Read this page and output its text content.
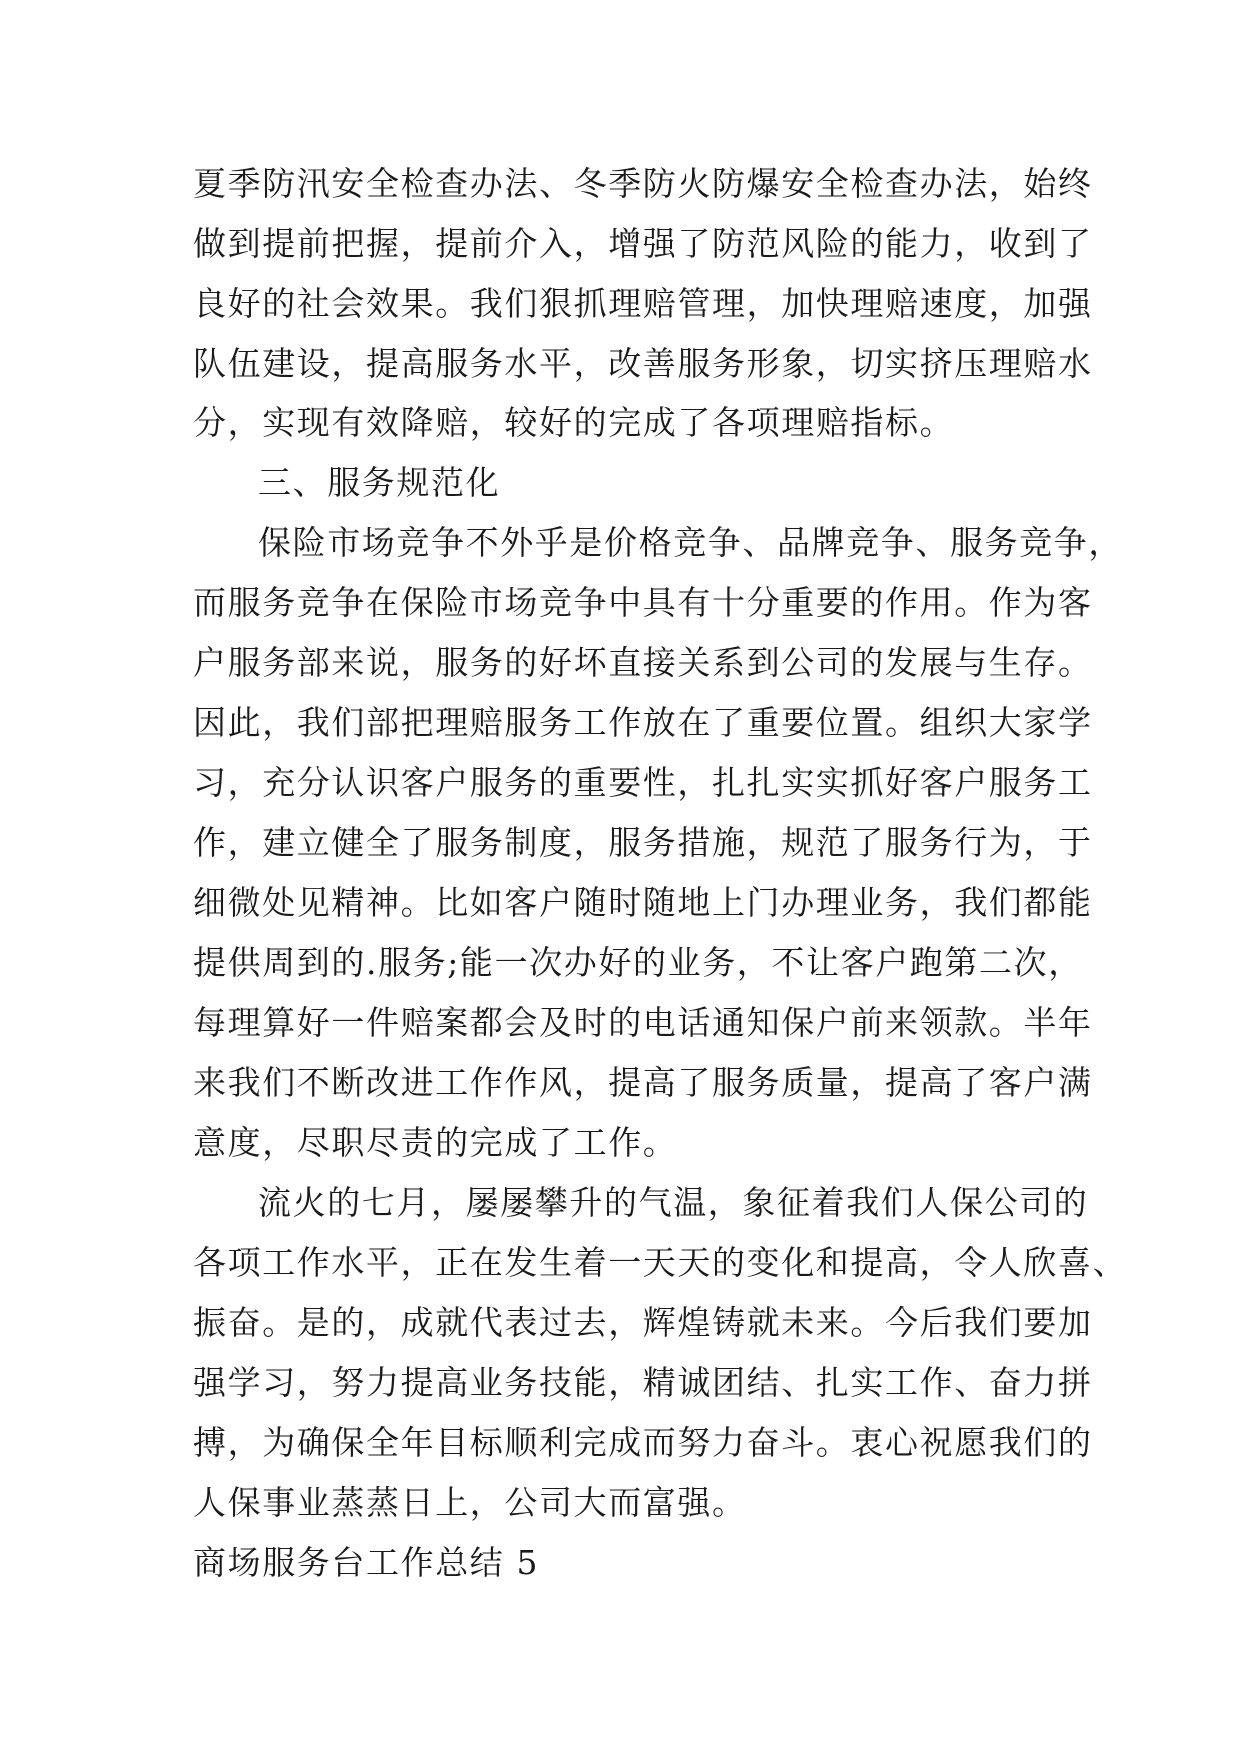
夏季防汛安全检查办法、冬季防火防爆安全检查办法，始终
做到提前把握，提前介入，增强了防范风险的能力，收到了
良好的社会效果。我们狠抓理赔管理，加快理赔速度，加强
队伍建设，提高服务水平，改善服务形象，切实挤压理赔水
分，实现有效降赔，较好的完成了各项理赔指标。
三、服务规范化
保险市场竞争不外乎是价格竞争、品牌竞争、服务竞争，
而服务竞争在保险市场竞争中具有十分重要的作用。作为客
户服务部来说，服务的好坏直接关系到公司的发展与生存。
因此，我们部把理赔服务工作放在了重要位置。组织大家学
习，充分认识客户服务的重要性，扎扎实实抓好客户服务工
作，建立健全了服务制度，服务措施，规范了服务行为，于
细微处见精神。比如客户随时随地上门办理业务，我们都能
提供周到的.服务;能一次办好的业务，不让客户跑第二次，
每理算好一件赔案都会及时的电话通知保户前来领款。半年
来我们不断改进工作作风，提高了服务质量，提高了客户满
意度，尽职尽责的完成了工作。
流火的七月，屡屡攀升的气温，象征着我们人保公司的
各项工作水平，正在发生着一天天的变化和提高，令人欣喜、
振奋。是的，成就代表过去，辉煌铸就未来。今后我们要加
强学习，努力提高业务技能，精诚团结、扎实工作、奋力拼
搏，为确保全年目标顺利完成而努力奋斗。衷心祝愿我们的
人保事业蒸蒸日上，公司大而富强。
商场服务台工作总结 5
